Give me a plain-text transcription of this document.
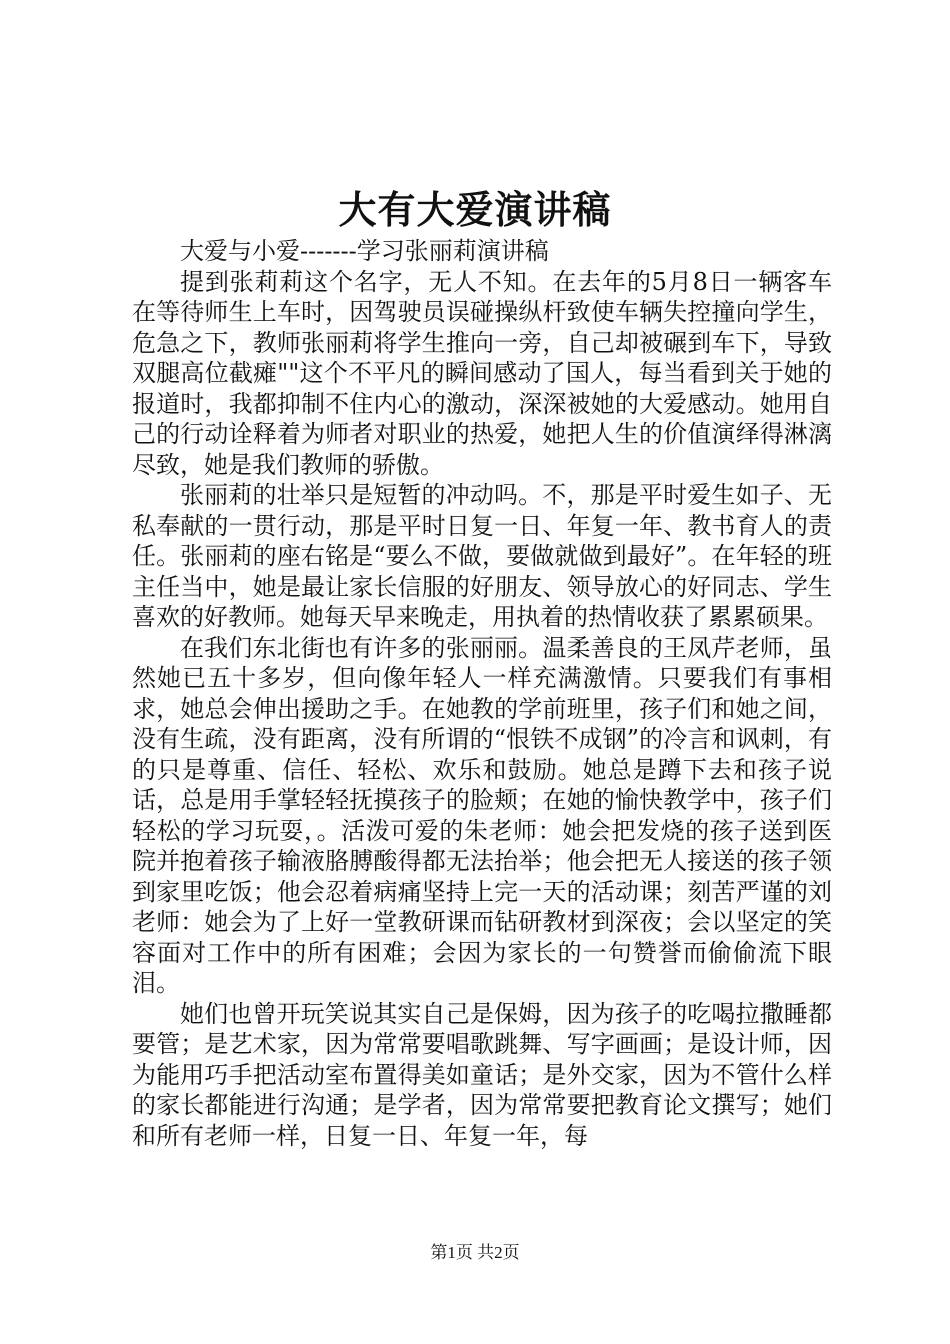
大有大爱演讲稿

大爱与小爱-------学习张丽莉演讲稿

提到张莉莉这个名字，无人不知。在去年的5月8日一辆客车在等待师生上车时，因驾驶员误碰操纵杆致使车辆失控撞向学生，危急之下，教师张丽莉将学生推向一旁，自己却被碾到车下，导致双腿高位截瘫""这个不平凡的瞬间感动了国人，每当看到关于她的报道时，我都抑制不住内心的激动，深深被她的大爱感动。她用自己的行动诠释着为师者对职业的热爱，她把人生的价值演绎得淋漓尽致，她是我们教师的骄傲。

张丽莉的壮举只是短暂的冲动吗。不，那是平时爱生如子、无私奉献的一贯行动，那是平时日复一日、年复一年、教书育人的责任。张丽莉的座右铭是“要么不做，要做就做到最好”。在年轻的班主任当中，她是最让家长信服的好朋友、领导放心的好同志、学生喜欢的好教师。她每天早来晚走，用执着的热情收获了累累硕果。

在我们东北街也有许多的张丽丽。温柔善良的王凤芹老师，虽然她已五十多岁，但向像年轻人一样充满激情。只要我们有事相求，她总会伸出援助之手。在她教的学前班里，孩子们和她之间，没有生疏，没有距离，没有所谓的“恨铁不成钢”的冷言和讽刺，有的只是尊重、信任、轻松、欢乐和鼓励。她总是蹲下去和孩子说话，总是用手掌轻轻抚摸孩子的脸颊；在她的愉快教学中，孩子们轻松的学习玩耍，。活泼可爱的朱老师：她会把发烧的孩子送到医院并抱着孩子输液胳膊酸得都无法抬举；他会把无人接送的孩子领到家里吃饭；他会忍着病痛坚持上完一天的活动课；刻苦严谨的刘老师：她会为了上好一堂教研课而钻研教材到深夜；会以坚定的笑容面对工作中的所有困难；会因为家长的一句赞誉而偷偷流下眼泪。

她们也曾开玩笑说其实自己是保姆，因为孩子的吃喝拉撒睡都要管；是艺术家，因为常常要唱歌跳舞、写字画画；是设计师，因为能用巧手把活动室布置得美如童话；是外交家，因为不管什么样的家长都能进行沟通；是学者，因为常常要把教育论文撰写；她们和所有老师一样，日复一日、年复一年，每

第1页 共2页
